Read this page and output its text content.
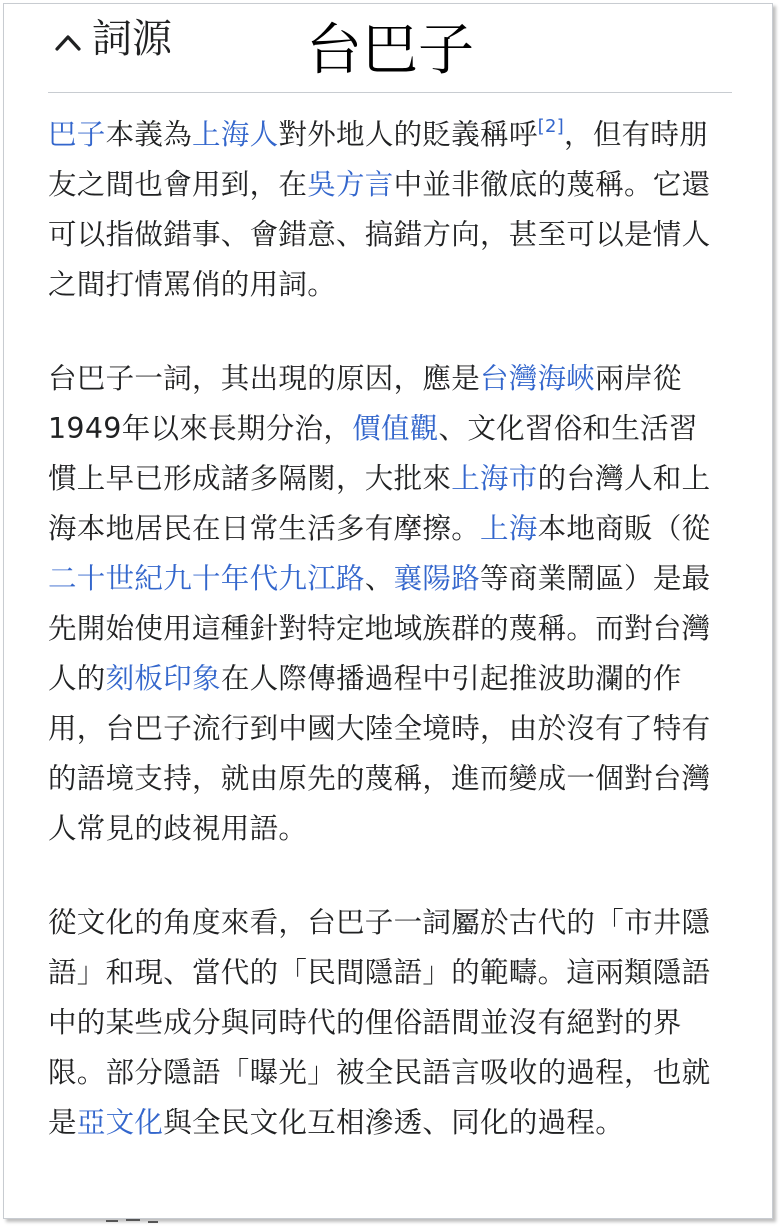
詞源	台巴子

巴子本義為上海人對外地人的貶義稱呼[2]，但有時朋友之間也會用到，在吳方言中並非徹底的蔑稱。它還可以指做錯事、會錯意、搞錯方向，甚至可以是情人之間打情罵俏的用詞。

台巴子一詞，其出現的原因，應是台灣海峽兩岸從1949年以來長期分治，價值觀、文化習俗和生活習慣上早已形成諸多隔閡，大批來上海市的台灣人和上海本地居民在日常生活多有摩擦。上海本地商販（從二十世紀九十年代九江路、襄陽路等商業鬧區）是最先開始使用這種針對特定地域族群的蔑稱。而對台灣人的刻板印象在人際傳播過程中引起推波助瀾的作用，台巴子流行到中國大陸全境時，由於沒有了特有的語境支持，就由原先的蔑稱，進而變成一個對台灣人常見的歧視用語。

從文化的角度來看，台巴子一詞屬於古代的「市井隱語」和現、當代的「民間隱語」的範疇。這兩類隱語中的某些成分與同時代的俚俗語間並沒有絕對的界限。部分隱語「曝光」被全民語言吸收的過程，也就是亞文化與全民文化互相滲透、同化的過程。
